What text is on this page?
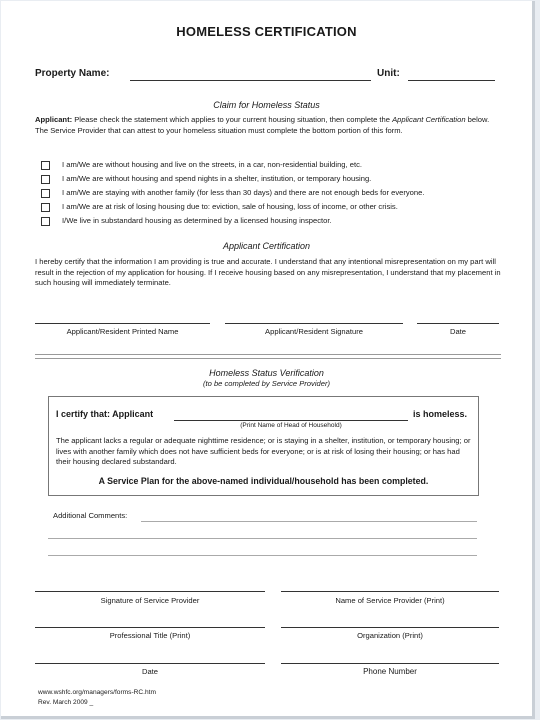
HOMELESS CERTIFICATION
Property Name:	Unit:
Claim for Homeless Status
Applicant: Please check the statement which applies to your current housing situation, then complete the Applicant Certification below. The Service Provider that can attest to your homeless situation must complete the bottom portion of this form.
I am/We are without housing and live on the streets, in a car, non-residential building, etc.
I am/We are without housing and spend nights in a shelter, institution, or temporary housing.
I am/We are staying with another family (for less than 30 days) and there are not enough beds for everyone.
I am/We are at risk of losing housing due to: eviction, sale of housing, loss of income, or other crisis.
I/We live in substandard housing as determined by a licensed housing inspector.
Applicant Certification
I hereby certify that the information I am providing is true and accurate. I understand that any intentional misrepresentation on my part will result in the rejection of my application for housing. If I receive housing based on any misrepresentation, I understand that my placement in such housing will immediately terminate.
Applicant/Resident Printed Name	Applicant/Resident Signature	Date
Homeless Status Verification
(to be completed by Service Provider)
I certify that: Applicant	is homeless.
(Print Name of Head of Household)
The applicant lacks a regular or adequate nighttime residence; or is staying in a shelter, institution, or temporary housing; or lives with another family which does not have sufficient beds for everyone; or is at risk of losing their housing; or has had their housing declared substandard.
A Service Plan for the above-named individual/household has been completed.
Additional Comments:
Signature of Service Provider	Name of Service Provider (Print)
Professional Title (Print)	Organization (Print)
Date	Phone Number
www.wshfc.org/managers/forms-RC.htm
Rev. March 2009 _
